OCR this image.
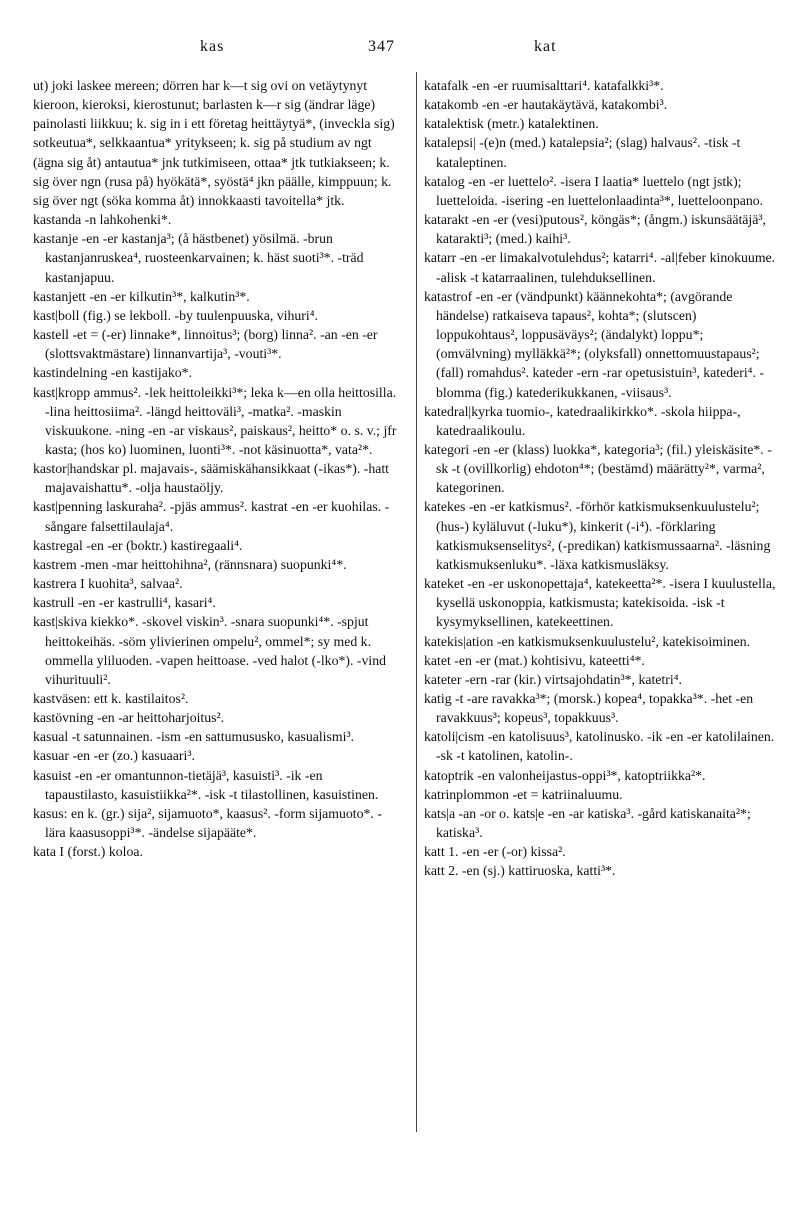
kas	347	kat

ut) joki laskee mereen; dörren har k—t sig ovi on vetäytynyt kieroon, kieroksi, kierostunut; barlasten k—r sig (ändrar läge) painolasti liikkuu; k. sig in i ett företag heittäytyä*, (inveckla sig) sotkeutua*, selkkaantua* yritykseen; k. sig på studium av ngt (ägna sig åt) antautua* jnk tutkimiseen, ottaa* jtk tutkiakseen; k. sig över ngn (rusa på) hyökätä*, syöstä⁴ jkn päälle, kimppuun; k. sig över ngt (söka komma åt) innokkaasti tavoitella* jtk.

kastanda -n lahkohenki*.

kastanje -en -er kastanja³; (å hästbenet) yösilmä. -brun kastanjanruskea⁴, ruosteenkarvainen; k. häst suoti³*. -träd kastanjapuu.

kastanjett -en -er kilkutin³*, kalkutin³*.

kast|boll (fig.) se lekboll. -by tuulenpuuska, vihuri⁴.

kastell -et = (-er) linnake*, linnoitus³; (borg) linna². -an -en -er (slottsvaktmästare) linnanvartija³, -vouti³*.

kastindelning -en kastijako*.

kast|kropp ammus². -lek heittoleikki³*; leka k—en olla heittosilla. -lina heittosiima². -längd heittoväli³, -matka². -maskin viskuukone. -ning -en -ar viskaus², paiskaus², heitto* o. s. v.; jfr kasta; (hos ko) luominen, luonti³*. -not käsinuotta*, vata²*.

kastor|handskar pl. majavais-, säämiskähansikkaat (-ikas*). -hatt majavaishattu*. -olja haustaöljy.

kast|penning laskuraha². -pjäs ammus². kastrat -en -er kuohilas. -sångare falsettilaulaja⁴.

kastregal -en -er (boktr.) kastiregaali⁴.

kastrem -men -mar heittohihna², (rännsnara) suopunki⁴*.

kastrera I kuohita³, salvaa².

kastrull -en -er kastrulli⁴, kasari⁴.

kast|skiva kiekko*. -skovel viskin³. -snara suopunki⁴*. -spjut heittokeihäs. -söm ylivierinen ompelu², ommel*; sy med k. ommella yliluoden. -vapen heittoase. -ved halot (-lko*). -vind vihurituuli².

kastväsen: ett k. kastilaitos².

kastövning -en -ar heittoharjoitus².

kasual -t satunnainen. -ism -en sattumususko, kasualismi³.

kasuar -en -er (zo.) kasuaari³.

kasuist -en -er omantunnon-tietäjä³, kasuisti³. -ik -en tapaustilasto, kasuistiikka²*. -isk -t tilastollinen, kasuistinen.

kasus: en k. (gr.) sija², sijamuoto*, kaasus². -form sijamuoto*. -lära kaasusoppi³*. -ändelse sijapääte*.

kata I (forst.) koloa.

katafalk -en -er ruumisalttari⁴. katafalkki³*.

katakomb -en -er hautakäytävä, katakombi³.

katalektisk (metr.) katalektinen.

katalepsi| -(e)n (med.) katalepsia²; (slag) halvaus². -tisk -t kataleptinen.

katalog -en -er luettelo². -isera I laatia* luettelo (ngt jstk); luetteloida. -isering -en luettelonlaadinta³*, luetteloonpano.

katarakt -en -er (vesi)putous², köngäs*; (ångm.) iskunsäätäjä³, katarakti³; (med.) kaihi³.

katarr -en -er limakalvotulehdus²; katarri⁴. -al|feber kinokuume. -alisk -t katarraalinen, tulehduksellinen.

katastrof -en -er (vändpunkt) käännekohta*; (avgörande händelse) ratkaiseva tapaus², kohta*; (slutscen) loppukohtaus², loppusäväys²; (ändalykt) loppu*; (omvälvning) mylläkkä²*; (olyksfall) onnettomuustapaus²; (fall) romahdus². kateder -ern -rar opetusistuin³, katederi⁴. -blomma (fig.) katederikukkanen, -viisaus³.

katedral|kyrka tuomio-, katedraalikirkko*. -skola hiippa-, katedraalikoulu.

kategori -en -er (klass) luokka*, kategoria³; (fil.) yleiskäsite*. -sk -t (ovillkorlig) ehdoton⁴*; (bestämd) määrätty²*, varma², kategorinen.

katekes -en -er katkismus². -förhör katkismuksenkuulustelu²; (hus-) kyläluvut (-luku*), kinkerit (-i⁴). -förklaring katkismuksenselitys², (-predikan) katkismussaarna². -läsning katkismuksenluku*. -läxa katkismusläksy.

kateket -en -er uskonopettaja⁴, katekeetta²*. -isera I kuulustella, kysellä uskonoppia, katkismusta; katekisoida. -isk -t kysymyksellinen, katekeettinen.

katekis|ation -en katkismuksenkuulustelu², katekisoiminen.

katet -en -er (mat.) kohtisivu, kateetti⁴*.

kateter -ern -rar (kir.) virtsajohdatin³*, katetri⁴.

katig -t -are ravakka³*; (morsk.) kopea⁴, topakka³*. -het -en ravakkuus³; kopeus³, topakkuus³.

katoli|cism -en katolisuus³, katolinusko. -ik -en -er katolilainen. -sk -t katolinen, katolin-.

katoptrik -en valonheijastus-oppi³*, katoptriikka²*.

katrinplommon -et = katriinaluumu.

kats|a -an -or o. kats|e -en -ar katiska³. -gård katiskanaita²*; katiska³.

katt 1. -en -er (-or) kissa².

katt 2. -en (sj.) kattiruoska, katti³*.
